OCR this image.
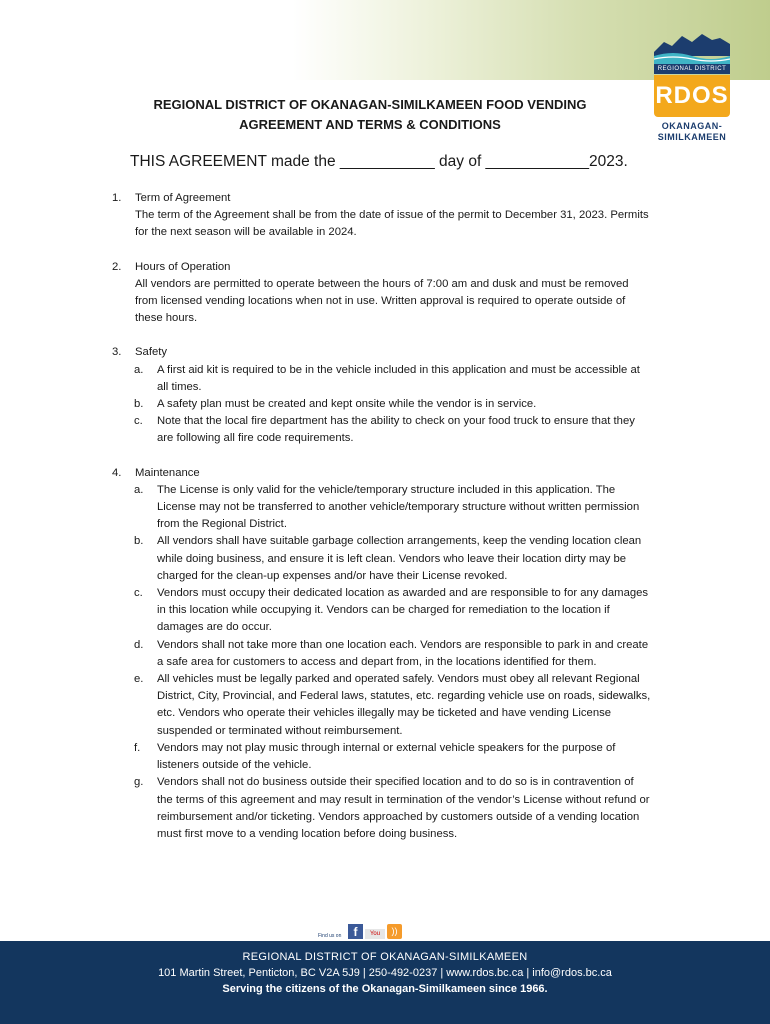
REGIONAL DISTRICT
RDOS
OKANAGAN-
SIMILKAMEEN
REGIONAL DISTRICT OF OKANAGAN-SIMILKAMEEN FOOD VENDING
AGREEMENT AND TERMS & CONDITIONS
THIS AGREEMENT made the ___________ day of ____________2023.
1.	Term of Agreement

The term of the Agreement shall be from the date of issue of the permit to December 31, 2023. Permits for the next season will be available in 2024.

2.	Hours of Operation

All vendors are permitted to operate between the hours of 7:00 am and dusk and must be removed from licensed vending locations when not in use. Written approval is required to operate outside of these hours.

3.	Safety

a.	A first aid kit is required to be in the vehicle included in this application and must be accessible at all times.
b.	A safety plan must be created and kept onsite while the vendor is in service.
c.	Note that the local fire department has the ability to check on your food truck to ensure that they are following all fire code requirements.
4.	Maintenance

a.	The License is only valid for the vehicle/temporary structure included in this application. The License may not be transferred to another vehicle/temporary structure without written permission from the Regional District.
b.	All vendors shall have suitable garbage collection arrangements, keep the vending location clean while doing business, and ensure it is left clean. Vendors who leave their location dirty may be charged for the clean-up expenses and/or have their License revoked.
c.	Vendors must occupy their dedicated location as awarded and are responsible to for any damages in this location while occupying it. Vendors can be charged for remediation to the location if damages are do occur.
d.	Vendors shall not take more than one location each. Vendors are responsible to park in and create a safe area for customers to access and depart from, in the locations identified for them.
e.	All vehicles must be legally parked and operated safely. Vendors must obey all relevant Regional District, City, Provincial, and Federal laws, statutes, etc. regarding vehicle use on roads, sidewalks, etc. Vendors who operate their vehicles illegally may be ticketed and have vending License suspended or terminated without reimbursement.
f.	Vendors may not play music through internal or external vehicle speakers for the purpose of listeners outside of the vehicle.
g.	Vendors shall not do business outside their specified location and to do so is in contravention of the terms of this agreement and may result in termination of the vendor’s License without refund or reimbursement and/or ticketing. Vendors approached by customers outside of a vending location must first move to a vending location before doing business.
Find us on	f	You	))
REGIONAL DISTRICT OF OKANAGAN-SIMILKAMEEN
101 Martin Street, Penticton, BC V2A 5J9 | 250-492-0237 | www.rdos.bc.ca | info@rdos.bc.ca
Serving the citizens of the Okanagan-Similkameen since 1966.
